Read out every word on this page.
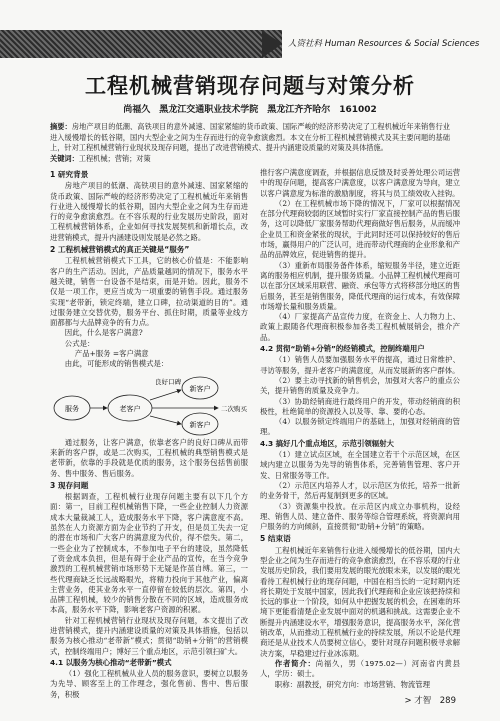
人资社科 Human Resources & Social Sciences
工程机械营销现存问题与对策分析
尚福久　黑龙江交通职业技术学院　黑龙江齐齐哈尔　161002
摘要：房地产项目的低潮、高铁项目的意外减速、国家紧缩的货币政策、国际严峻的经济形势决定了工程机械近年来销售行业进入缓慢增长的低谷期，国内大型企业之间为生存而进行的竞争愈演愈烈。本文在分析工程机械营销模式及其主要问题的基础上，针对工程机械营销行业现状及现存问题，提出了改进营销模式、提升内涵建设质量的对策及具体措施。
关键词：工程机械；营销；对策
1 研究背景

房地产项目的低潮、高铁项目的意外减速、国家紧缩的货币政策、国际严峻的经济形势决定了工程机械近年来销售行业进入缓慢增长的低谷期，国内大型企业之间为生存而进行的竞争愈演愈烈。在不容乐观的行业发展历史阶段，面对工程机械营销体系，企业如何寻找发展契机和新增长点，改进营销模式，提升内涵建设则发展是必然之路。

2 工程机械营销模式的真正关键是“服务”

工程机械营销模式下工具，它的核心价值是：不能影响客户的生产活动。因此，产品质量越同的情况下，服务水平越关键，销售一台设备不是结束，而是开始。因此，服务不仅是一项工作，更应当成为一项重要的销售手段。通过服务实现“老带新，锁定终端，建立口碑，拉动渠道的目的”。通过服务建立交替优势，服务平台、抓住时期，质量等业线方面都都与大品牌竞争的有力点。

因此，什么是客户满意?

公式是：

产品+服务 =客户满意

由此，可能形成的销售模式是：

服务	老客户
良好口碑
新客户
新客户
二次购买

通过服务，让客户满意，依靠老客户的良好口碑从而带来新的客户群，或是二次购买，工程机械的典型销售模式是老带新，依靠的手段就是优质的服务，这个服务包括售前服务、售中服务、售后服务。

3 现存问题

根据调查，工程机械行业现存问题主要有以下几个方面：第一，目前工程机械销售下降，一些企业控制人力资源成本大量裁减工人，造成服务水平下降，客户满意度不高。虽然在人力资源方面为企业节约了开支，但是员工失去一定的潜在市场和广大客户的满意度为代价，得不偿失。第二，一些企业为了控制成本，不参加电子平台的建设，虽然降低了资金成本负担，但是有碍于企业产品的宣传，在当今竞争激烈的工程机械营销市场形势下无疑是作茧自缚。第三，一些代理商缺乏长远战略眼光，将精力投向于其他产业，偏离主营业务，使其业务水平一直停留在较低的层次。第四，小品牌工程机械，较少的销售分散在不同的区域，造成服务成本高，服务水平下降，影响老客户资源的积累。

针对工程机械营销行业现状及现存问题，本文提出了改进营销模式，提升内涵建设质量的对策及具体措施，包括以服务为核心推动“老带新”模式；贯彻“助销+分销”的营销模式，控制终端用户；博好三个重点地区，示范引领扫矿大。

4.1 以服务为核心推动“老带新”模式

（1）强化工程机械从业人员的服务意识，要树立以服务为先导、顾客至上的工作理念，强化售前、售中、售后服务，积极

推行客户满意度调查，并根据信息反馈及时妥善处理公司运营中的现存问题，提高客户满意度，以客户满意度为导向，建立以客户满意度为标准的激励制度，将其与员工绩效收入挂钩。

（2）在工程机械市场下降的情况下，厂家可以根据情况在部分代理商较弱的区域暂时实行厂家直接控制产品的售后服务，这可以降低厂家服务帮助代理商做好售后服务，从而缓冲企业员工和资金紧张的现状，于此同时还可以保持较好的售后市场，赢得用户的广泛认可，进而带动代理商的企业形象和产品的品牌效应，促进销售的提升。

（3）重新布局服务备件体系，缩短服务半径，建立近距离的服务相应机制，提升服务质量。小品牌工程机械代理商可以在部分区域采用联营、融资、承包等方式将移部分地区的售后服务，甚至是销售服务，降低代理商的运行成本，有效保障市场增长量和服务质量。

（4）厂家提高产品宣传力度，在资金上、人力物力上、政策上跟随各代理商积极参加各类工程机械展销会，推介产品。

4.2 贯彻“助销+分销”的经销模式，控制终端用户

（1）销售人员要加强服务水平的提高，通过日常维护、寻访等服务，提升老客户的满意度，从而发展新的客户群体。

（2）要主动寻找新的销售机会，加强对大客户的重点公关，提升销售的质量及竞争力。

（3）协助经销商进行最终用户的开发，带动经销商的积极性，杜绝简单的资源投入以及等、靠、要的心态。

（4）以服务锁定终端用户的基础上，加强对经销商的管理。

4.3 搞好几个重点地区，示范引领辐射大

（1）建立试点区域，在全国建立若干个示范区域，在区域内建立以服务为先导的销售体系，完善销售管理、客户开发、日常服务等工作。

（2）示范区内培养人才，以示范区为依托，培养一批新的业务骨干，然后再复制到更多的区域。

（3）资源集中投放。在示范区内成立办事机构，设经理、销售人员、建立备件、服务等综合管理系统，将资源向用户服务的方向倾斜，直接贯彻“助销+分销”的策略。

5 结束语

工程机械近年来销售行业进入缓慢增长的低谷期，国内大型企业之间为生存而进行的竞争愈演愈烈，在不容乐观的行业发展历史阶段，我们要用发展的眼光放眼未来，以发展的眼光看待工程机械行业的现存问题，中国在相当长的一定时期内还将长期处于发展中国家，因此我们代理商和企业应该把持续和长远的事业一个阶段，如何从中把握发展的机会，在困难的环境下更能看清楚企业发展中面对的机遇和挑战。这需要企业不断提升内涵建设水平，增强服务意识，提高服务水平，深化营销改革，从而推动工程机械行业的持续发展，所以不论是代理商还是从业技术人员要树立信心，要针对现存问题积极寻求解决方案，早稳建过行业冰冻期。

作者简介：尚福久，男（1975.02—）河南省内黄县人，学历：硕士。

职称：副教授，研究方向：市场营销、物流管理

> 才智　289
